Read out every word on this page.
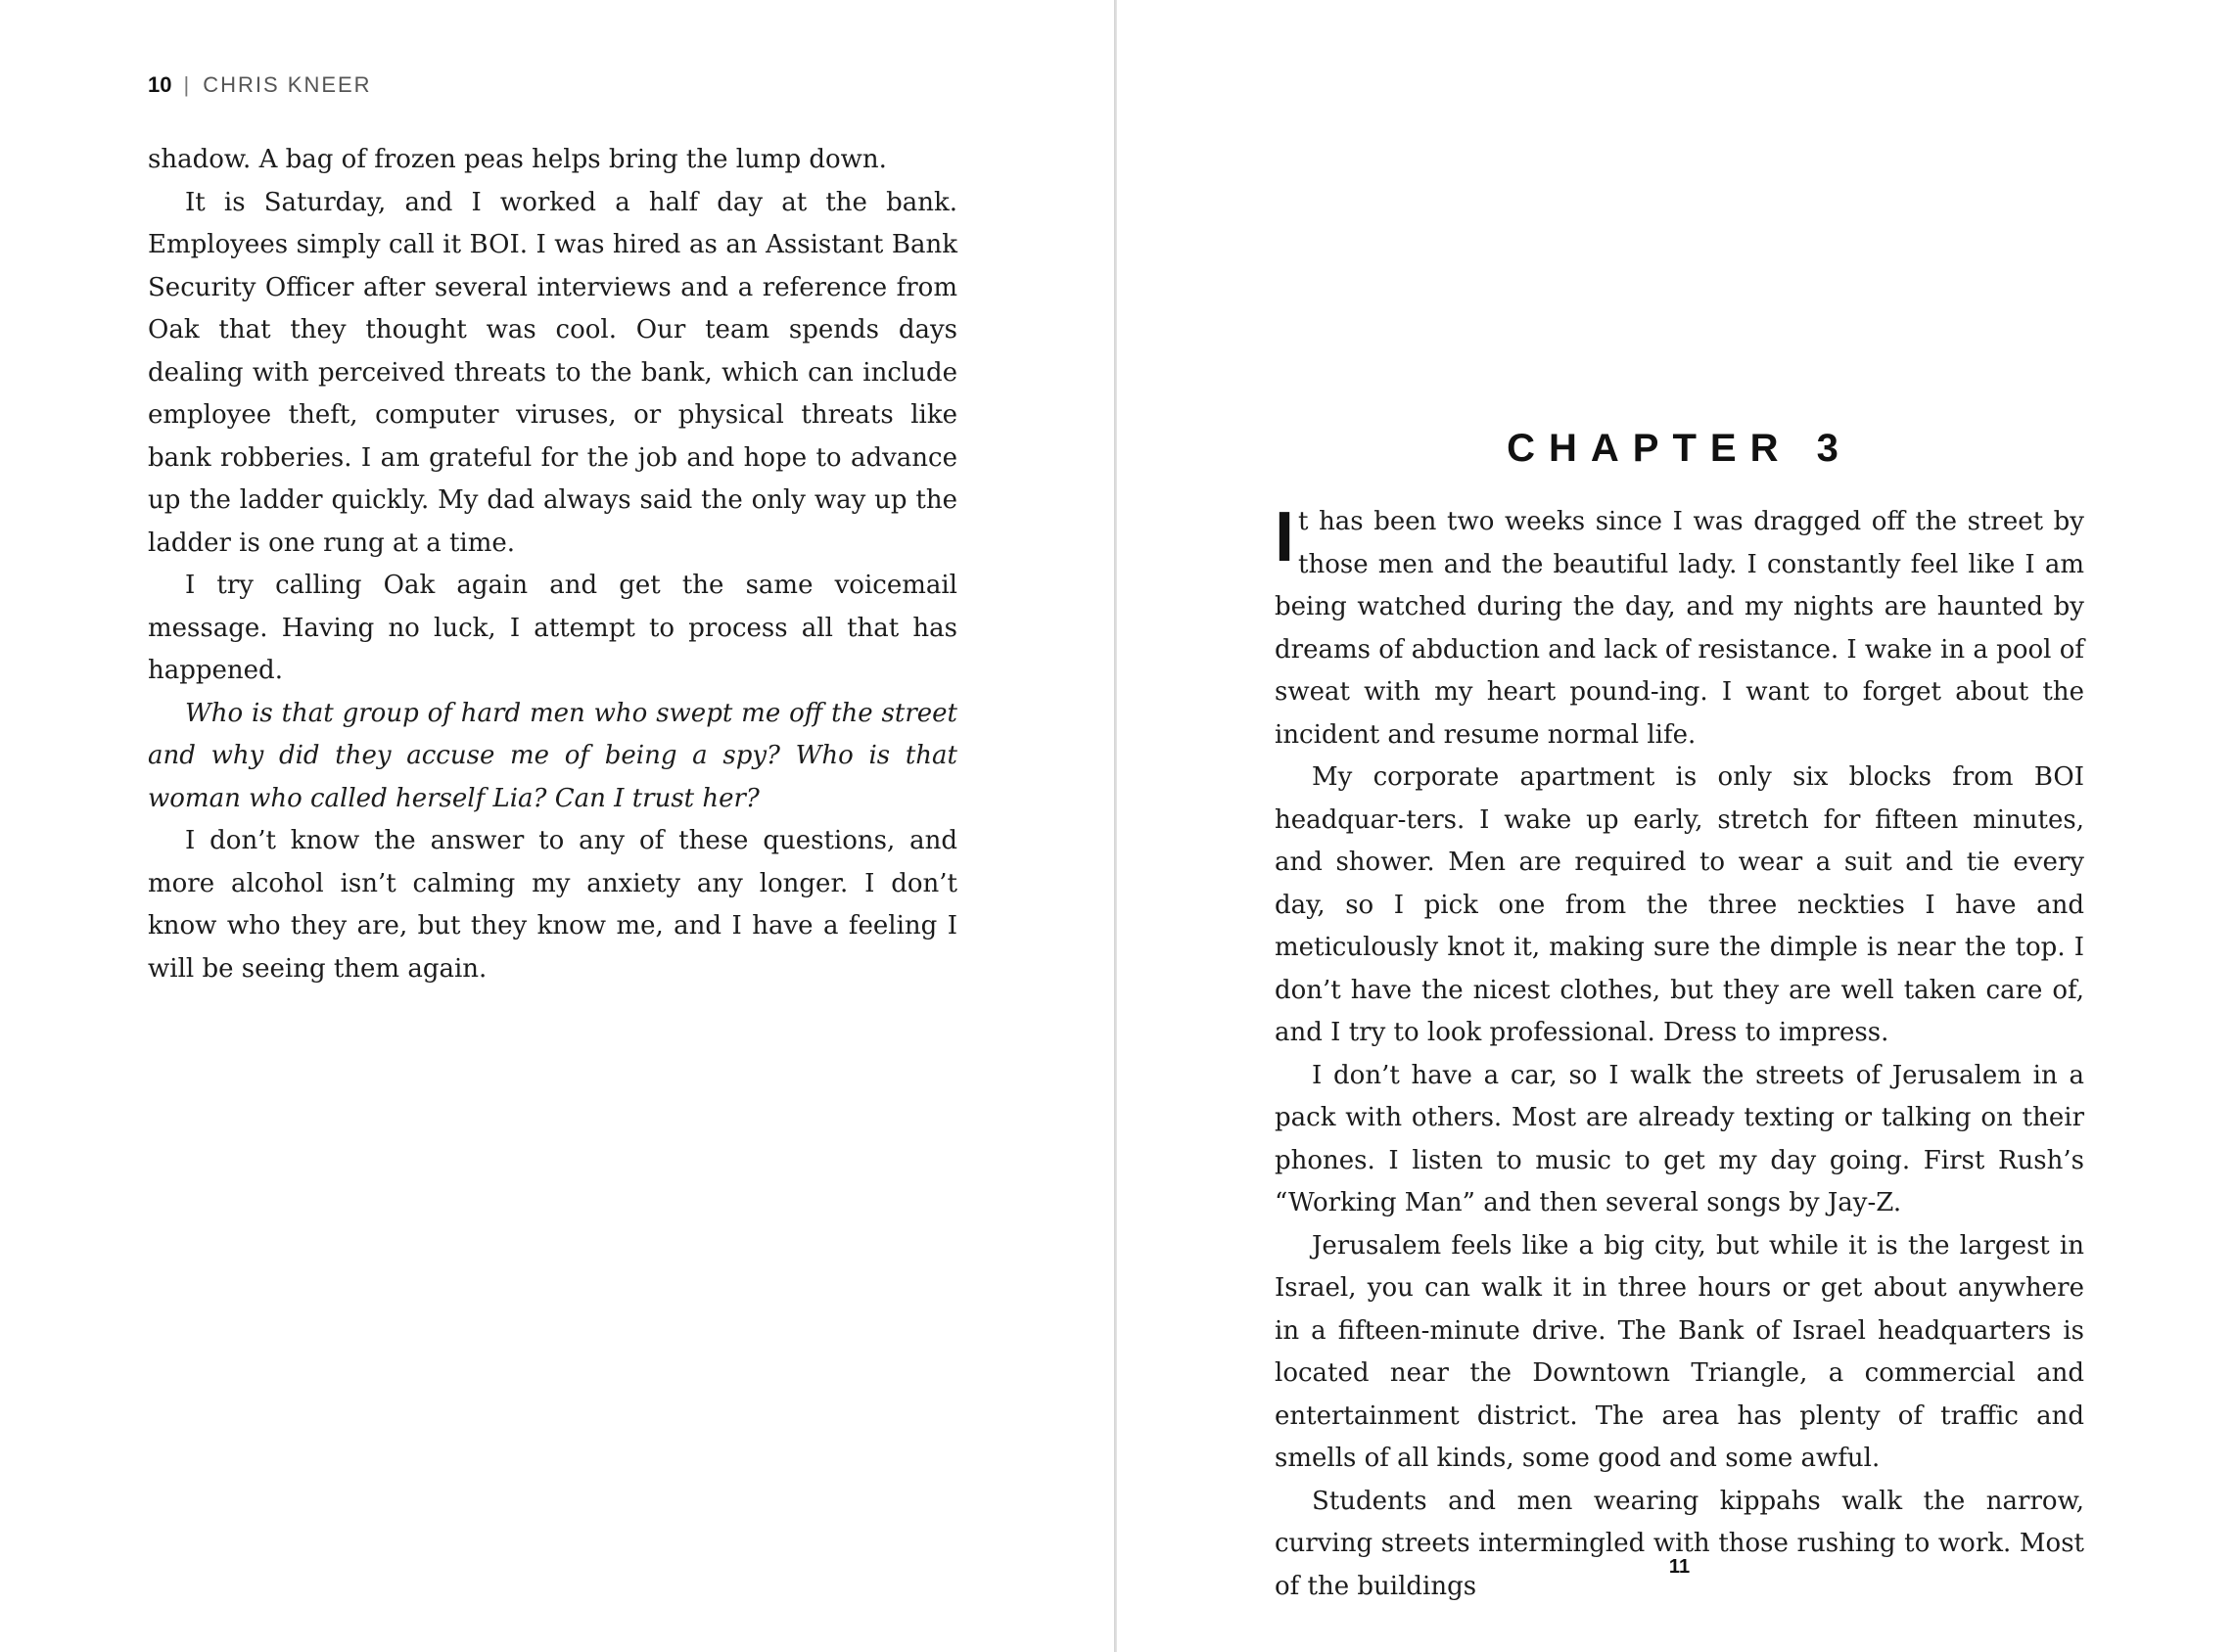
10 | CHRIS KNEER

shadow. A bag of frozen peas helps bring the lump down.

It is Saturday, and I worked a half day at the bank. Employees simply call it BOI. I was hired as an Assistant Bank Security Officer after several interviews and a reference from Oak that they thought was cool. Our team spends days dealing with perceived threats to the bank, which can include employee theft, computer viruses, or physical threats like bank robberies. I am grateful for the job and hope to advance up the ladder quickly. My dad always said the only way up the ladder is one rung at a time.

I try calling Oak again and get the same voicemail message. Having no luck, I attempt to process all that has happened.

Who is that group of hard men who swept me off the street and why did they accuse me of being a spy? Who is that woman who called herself Lia? Can I trust her?

I don’t know the answer to any of these questions, and more alcohol isn’t calming my anxiety any longer. I don’t know who they are, but they know me, and I have a feeling I will be seeing them again.

CHAPTER 3

It has been two weeks since I was dragged off the street by those men and the beautiful lady. I constantly feel like I am being watched during the day, and my nights are haunted by dreams of abduction and lack of resistance. I wake in a pool of sweat with my heart pound-ing. I want to forget about the incident and resume normal life.

My corporate apartment is only six blocks from BOI headquar-ters. I wake up early, stretch for fifteen minutes, and shower. Men are required to wear a suit and tie every day, so I pick one from the three neckties I have and meticulously knot it, making sure the dimple is near the top. I don’t have the nicest clothes, but they are well taken care of, and I try to look professional. Dress to impress.

I don’t have a car, so I walk the streets of Jerusalem in a pack with others. Most are already texting or talking on their phones. I listen to music to get my day going. First Rush’s “Working Man” and then several songs by Jay-Z.

Jerusalem feels like a big city, but while it is the largest in Israel, you can walk it in three hours or get about anywhere in a fifteen-minute drive. The Bank of Israel headquarters is located near the Downtown Triangle, a commercial and entertainment district. The area has plenty of traffic and smells of all kinds, some good and some awful.

Students and men wearing kippahs walk the narrow, curving streets intermingled with those rushing to work. Most of the buildings

11
